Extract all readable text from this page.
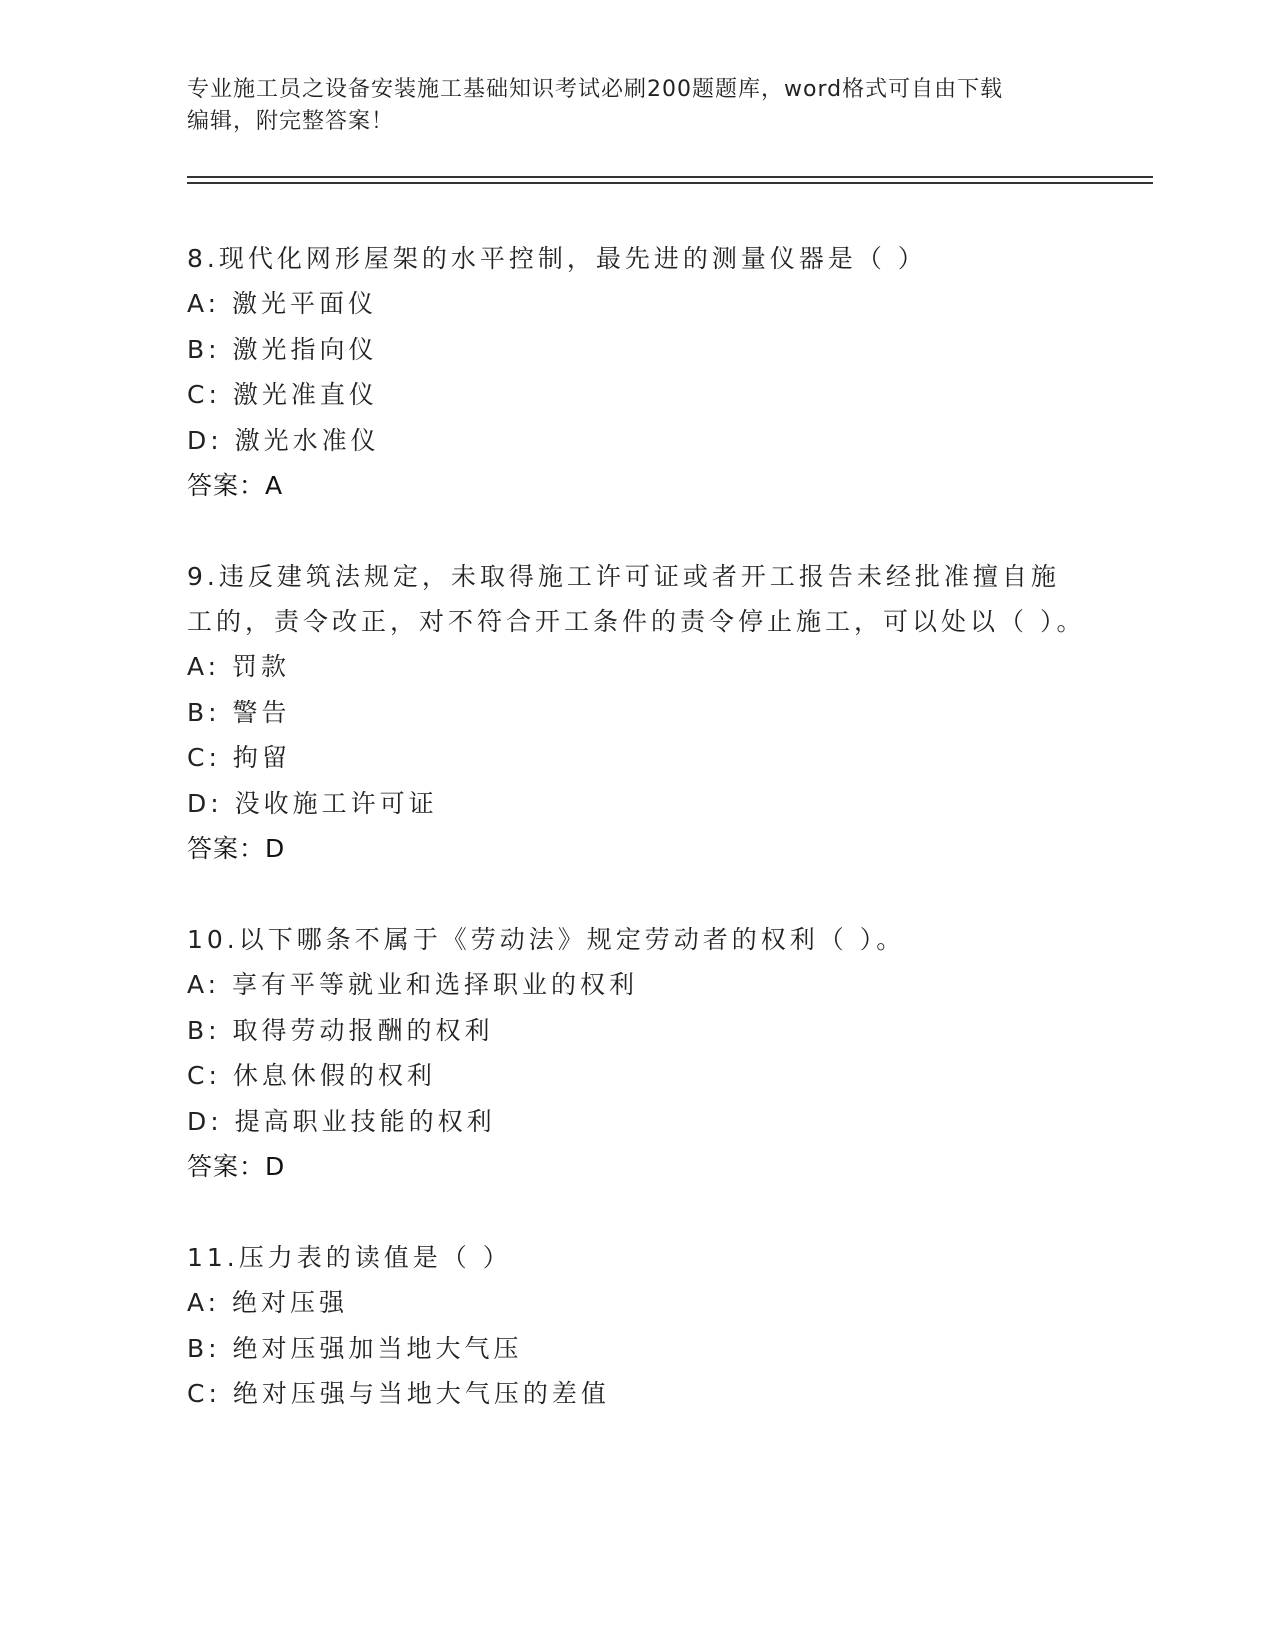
专业施工员之设备安装施工基础知识考试必刷200题题库，word格式可自由下载
编辑，附完整答案！
8.现代化网形屋架的水平控制，最先进的测量仪器是（ ）
A: 激光平面仪
B: 激光指向仪
C: 激光准直仪
D: 激光水准仪
答案：A
9.违反建筑法规定，未取得施工许可证或者开工报告未经批准擅自施工的，责令改正，对不符合开工条件的责令停止施工，可以处以（ ）。
A: 罚款
B: 警告
C: 拘留
D: 没收施工许可证
答案：D
10.以下哪条不属于《劳动法》规定劳动者的权利（ ）。
A: 享有平等就业和选择职业的权利
B: 取得劳动报酬的权利
C: 休息休假的权利
D: 提高职业技能的权利
答案：D
11.压力表的读值是（ ）
A: 绝对压强
B: 绝对压强加当地大气压
C: 绝对压强与当地大气压的差值
